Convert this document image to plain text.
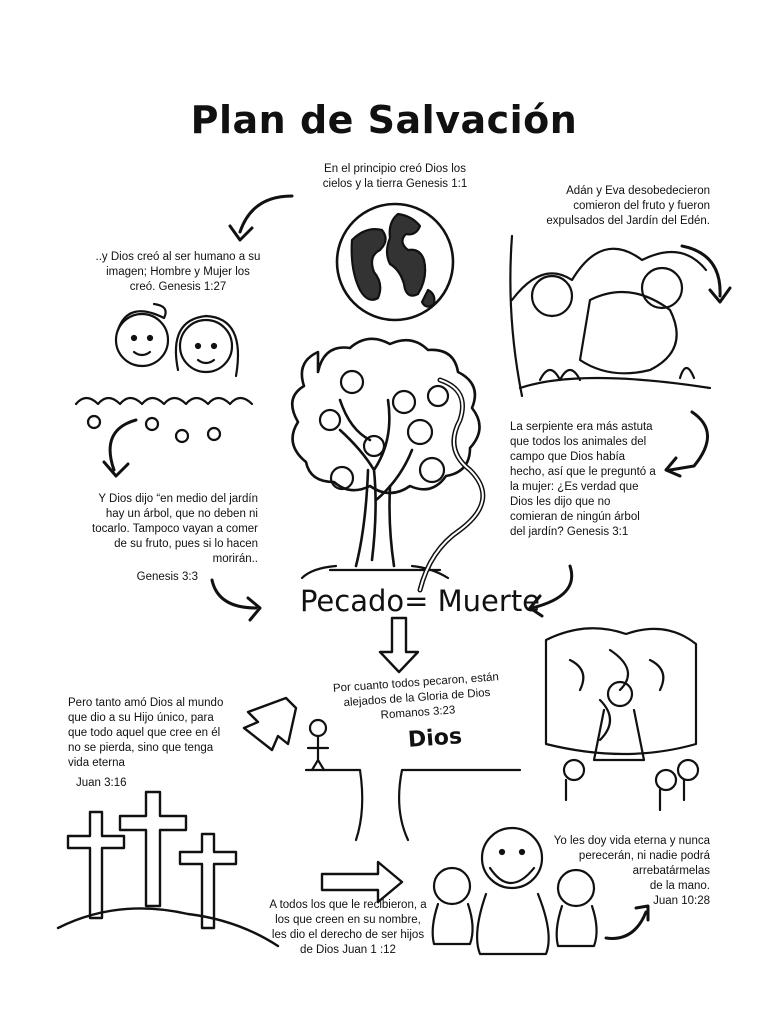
Plan de Salvación
En el principio creó Dios los
cielos y la tierra Genesis 1:1
..y Dios creó al ser humano a su
imagen; Hombre y Mujer los
creó. Genesis 1:27
Adán y Eva desobedecieron
comieron del fruto y fueron
expulsados del Jardín del Edén.
Y Dios dijo “en medio del jardín
hay un árbol, que no deben ni
tocarlo. Tampoco vayan a comer
de su fruto, pues si lo hacen
morirán..
Genesis 3:3
La serpiente era más astuta
que todos los animales del
campo que Dios había
hecho, así que le preguntó a
la mujer: ¿Es verdad que
Dios les dijo que no
comieran de ningún árbol
del jardín? Genesis 3:1
Pecado= Muerte
Por cuanto todos pecaron, están
alejados de la Gloria de Dios
Romanos 3:23
Dios
Pero tanto amó Dios al mundo
que dio a su Hijo único, para
que todo aquel que cree en él
no se pierda, sino que tenga
vida eterna
Juan 3:16
Yo les doy vida eterna y nunca
perecerán, ni nadie podrá
arrebatármelas
de la mano.
Juan 10:28
A todos los que le recibieron, a
los que creen en su nombre,
les dio el derecho de ser hijos
de Dios Juan 1 :12
